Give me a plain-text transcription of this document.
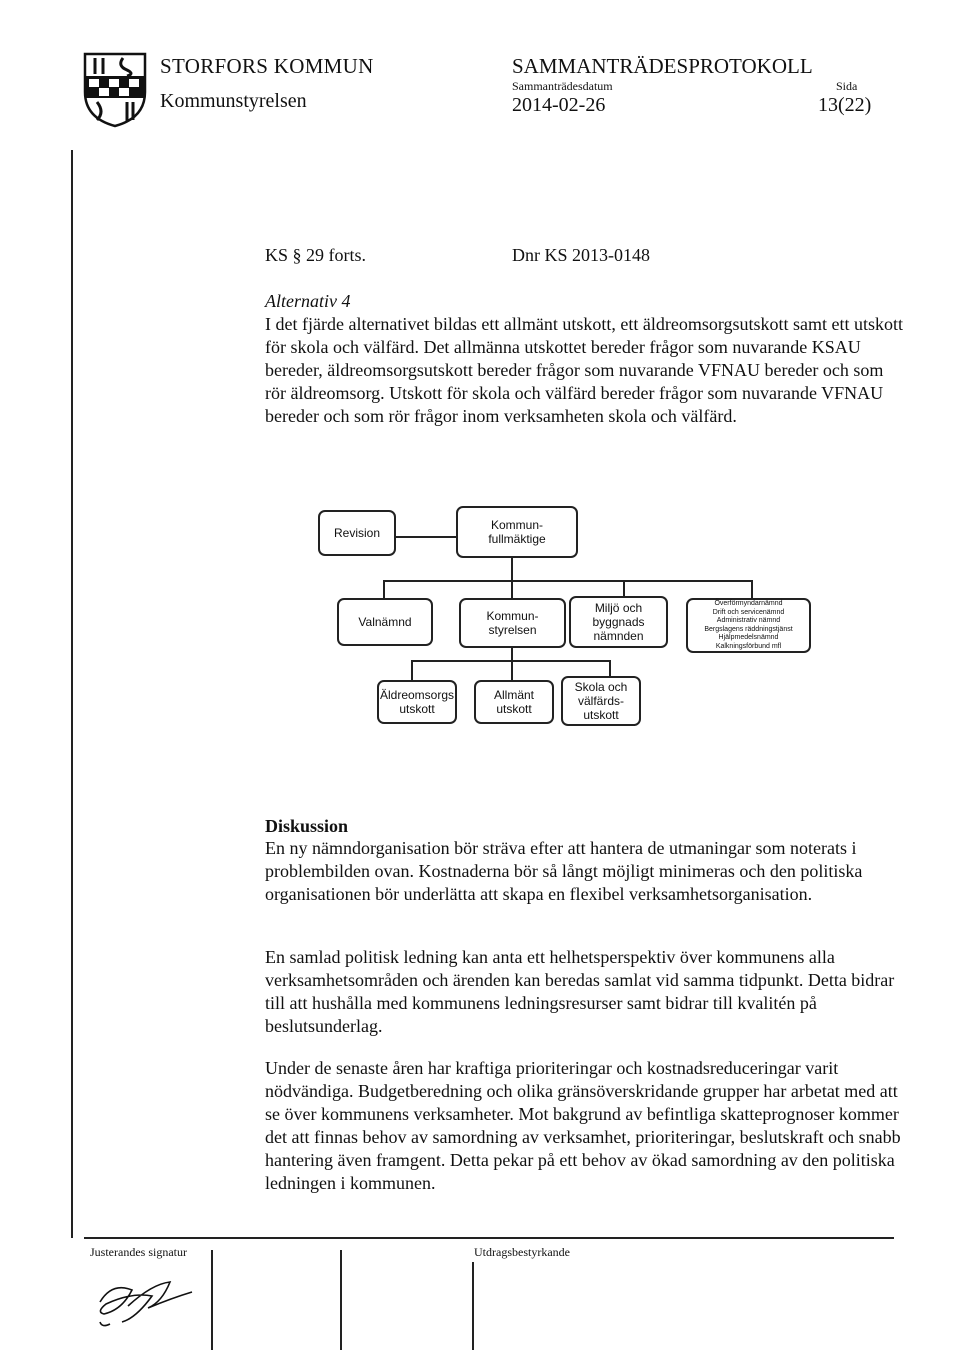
STORFORS KOMMUN
Kommunstyrelsen
SAMMANTRÄDESPROTOKOLL
Sammanträdesdatum
2014-02-26
Sida
13(22)
KS § 29 forts.	Dnr KS 2013-0148
Alternativ 4
I det fjärde alternativet bildas ett allmänt utskott, ett äldreomsorgsutskott samt ett utskott för skola och välfärd. Det allmänna utskottet bereder frågor som nuvarande KSAU bereder, äldreomsorgsutskott bereder frågor som nuvarande VFNAU bereder och som rör äldreomsorg. Utskott för skola och välfärd bereder frågor som nuvarande VFNAU bereder och som rör frågor inom verksamheten skola och välfärd.
Revision
Kommun-
fullmäktige
Valnämnd	Kommun-
styrelsen
Miljö och
byggnads
nämnden
Överförmyndarnämnd
Drift och servicenämnd
Administrativ nämnd
Bergslagens räddningstjänst
Hjälpmedelsnämnd
Kalkningsförbund mfl
Äldreomsorgs
utskott
Allmänt
utskott
Skola och
välfärds-
utskott
Diskussion
En ny nämndorganisation bör sträva efter att hantera de utmaningar som noterats i problembilden ovan. Kostnaderna bör så långt möjligt minimeras och den politiska organisationen bör underlätta att skapa en flexibel verksamhetsorganisation.
En samlad politisk ledning kan anta ett helhetsperspektiv över kommunens alla verksamhetsområden och ärenden kan beredas samlat vid samma tidpunkt. Detta bidrar till att hushålla med kommunens ledningsresurser samt bidrar till kvalitén på beslutsunderlag.
Under de senaste åren har kraftiga prioriteringar och kostnadsreduceringar varit nödvändiga. Budgetberedning och olika gränsöverskridande grupper har arbetat med att se över kommunens verksamheter. Mot bakgrund av befintliga skatteprognoser kommer det att finnas behov av samordning av verksamhet, prioriteringar, beslutskraft och snabb hantering även framgent. Detta pekar på ett behov av ökad samordning av den politiska ledningen i kommunen.
Justerandes signatur	Utdragsbestyrkande
